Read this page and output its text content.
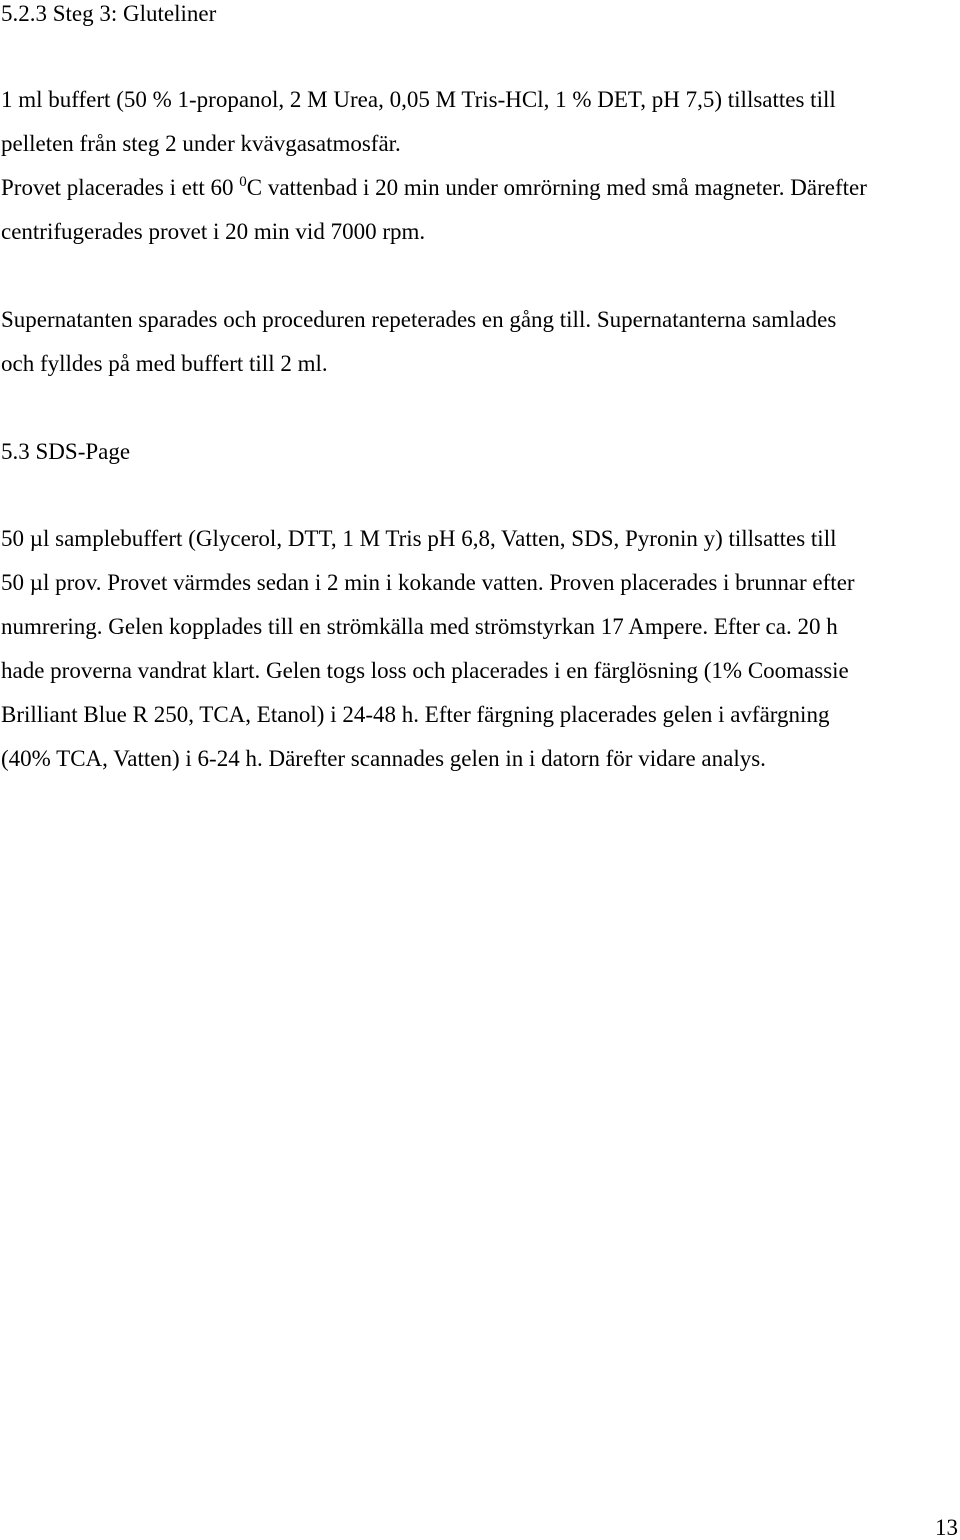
5.2.3 Steg 3: Gluteliner
1 ml buffert (50 % 1-propanol, 2 M Urea, 0,05 M Tris-HCl, 1 % DET, pH 7,5) tillsattes till
pelleten från steg 2 under kvävgasatmosfär.
Provet placerades i ett 60 $^0$C vattenbad i 20 min under omrörning med små magneter. Därefter
centrifugerades provet i 20 min vid 7000 rpm.
Supernatanten sparades och proceduren repeterades en gång till. Supernatanterna samlades
och fylldes på med buffert till 2 ml.
5.3 SDS-Page
50 µl samplebuffert (Glycerol, DTT, 1 M Tris pH 6,8, Vatten, SDS, Pyronin y) tillsattes till
50 µl prov. Provet värmdes sedan i 2 min i kokande vatten. Proven placerades i brunnar efter
numrering. Gelen kopplades till en strömkälla med strömstyrkan 17 Ampere. Efter ca. 20 h
hade proverna vandrat klart. Gelen togs loss och placerades i en färglösning (1% Coomassie
Brilliant Blue R 250, TCA, Etanol) i 24-48 h. Efter färgning placerades gelen i avfärgning
(40% TCA, Vatten) i 6-24 h. Därefter scannades gelen in i datorn för vidare analys.
13
